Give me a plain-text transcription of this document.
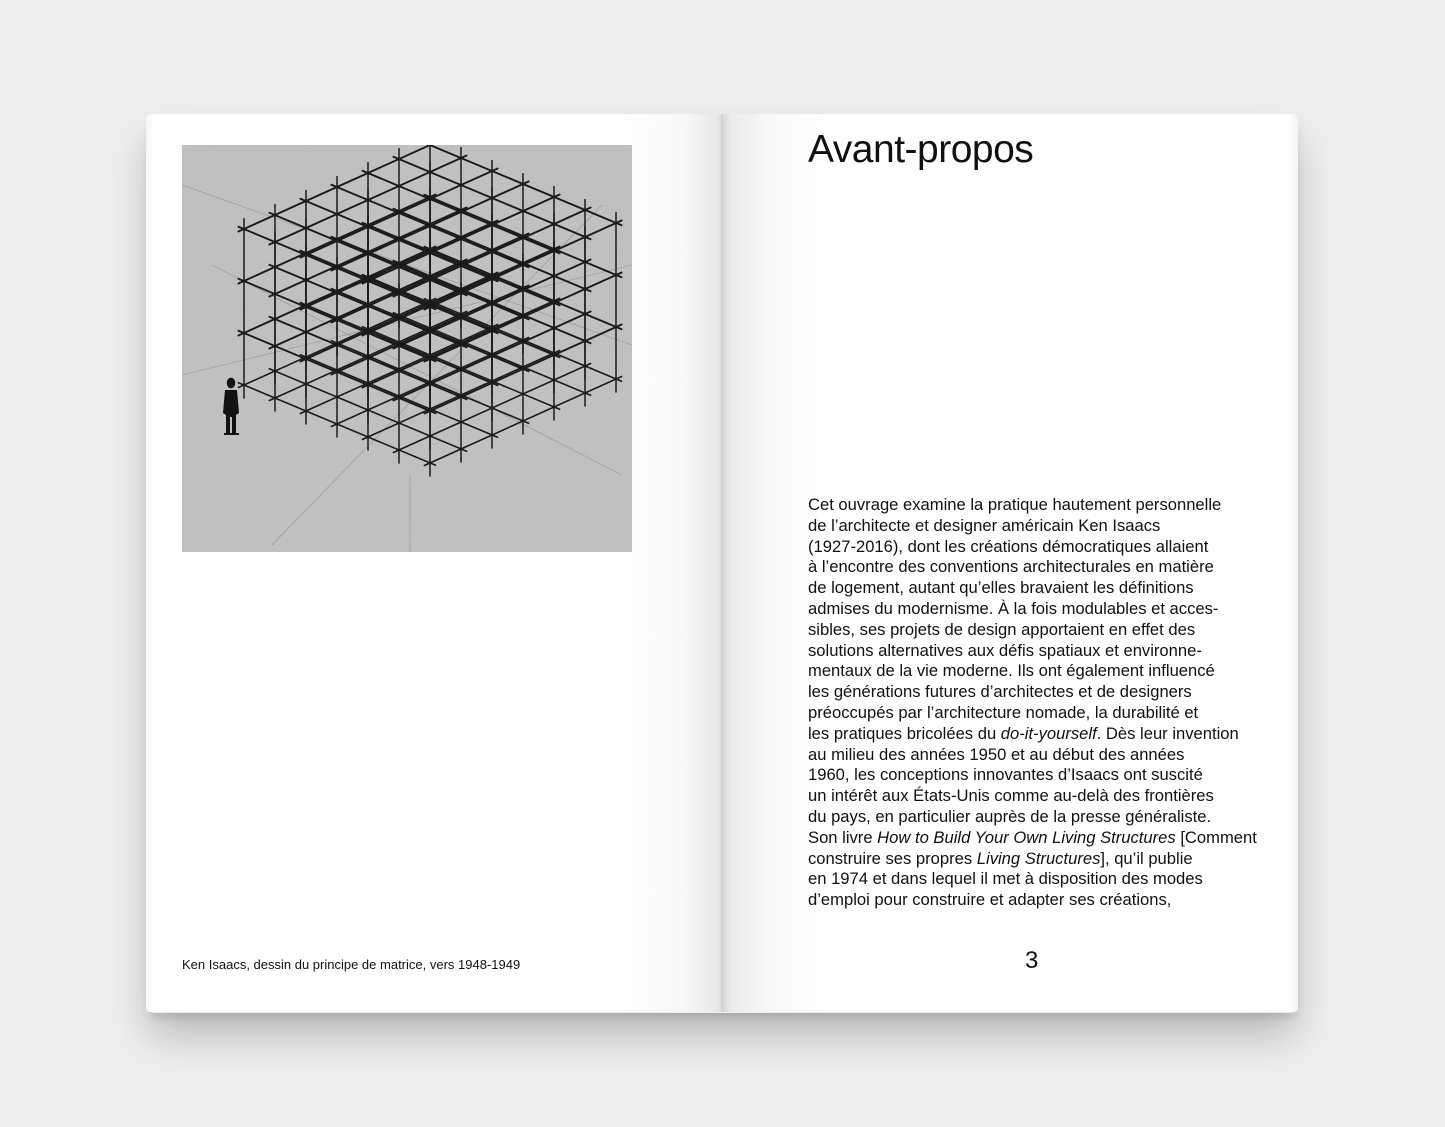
Ken Isaacs, dessin du principe de matrice, vers 1948-1949
Avant-propos
Cet ouvrage examine la pratique hautement personnelle
de l’architecte et designer américain Ken Isaacs
(1927-2016), dont les créations démocratiques allaient
à l’encontre des conventions architecturales en matière
de logement, autant qu’elles bravaient les définitions
admises du modernisme. À la fois modulables et acces-
sibles, ses projets de design apportaient en effet des
solutions alternatives aux défis spatiaux et environne-
mentaux de la vie moderne. Ils ont également influencé
les générations futures d’architectes et de designers
préoccupés par l’architecture nomade, la durabilité et
les pratiques bricolées du do-it-yourself. Dès leur invention
au milieu des années 1950 et au début des années
1960, les conceptions innovantes d’Isaacs ont suscité
un intérêt aux États-Unis comme au-delà des frontières
du pays, en particulier auprès de la presse généraliste.
Son livre How to Build Your Own Living Structures [Comment
construire ses propres Living Structures], qu’il publie
en 1974 et dans lequel il met à disposition des modes
d’emploi pour construire et adapter ses créations,
3
